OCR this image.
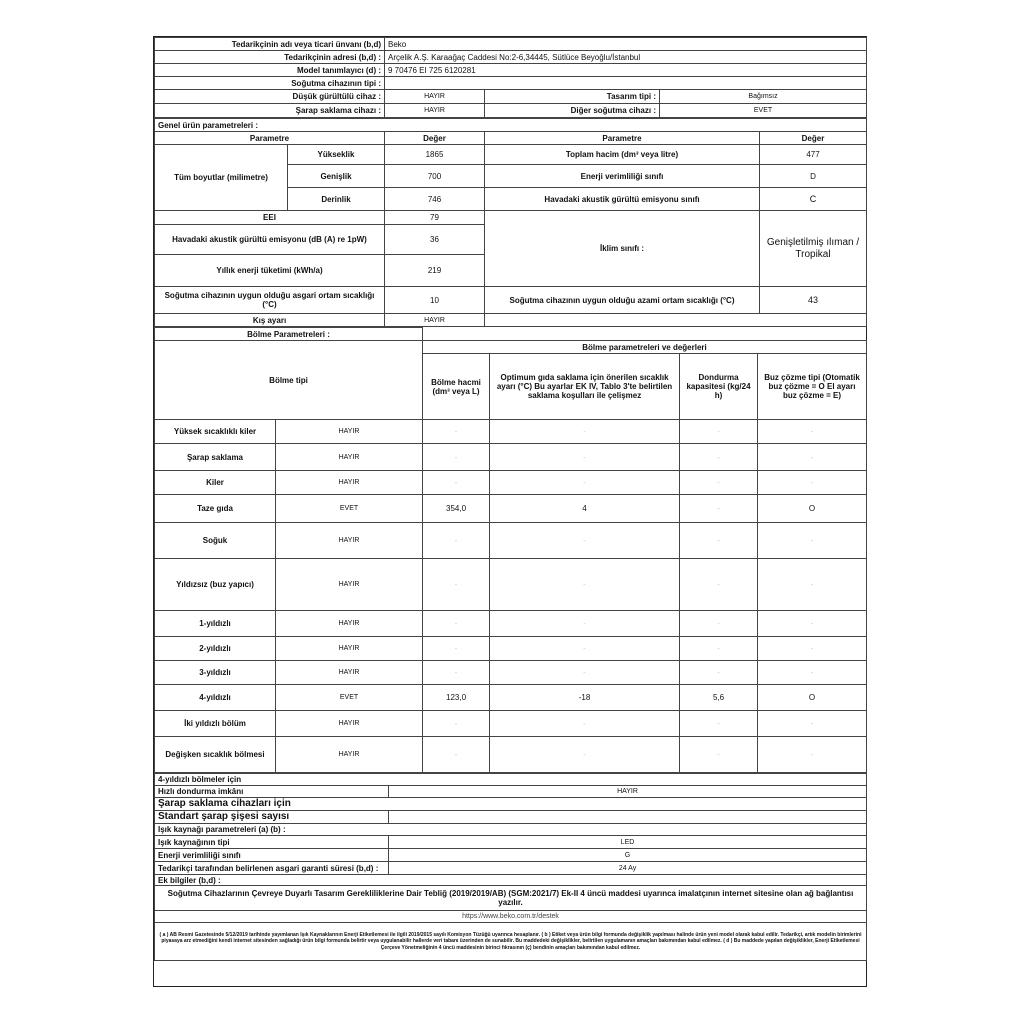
Tedarikçinin adı veya ticari ünvanı (b,d)	Beko		
Tedarikçinin adresi (b,d) :	Arçelik A.Ş. Karaağaç Caddesi No:2-6,34445, Sütlüce Beyoğlu/İstanbul		
Model tanımlayıcı (d) :	9 70476 EI 725 6120281		
Soğutma cihazının tipi :			
Düşük gürültülü cihaz :	HAYIR	Tasarım tipi :	Bağımsız
Şarap saklama cihazı :	HAYIR	Diğer soğutma cihazı :	EVET
Genel ürün parametreleri :				
Parametre		Değer	Parametre	Değer
Tüm boyutlar (milimetre)	Yükseklik	1865	Toplam hacim (dm³ veya litre)	477
	Genişlik	700	Enerji verimliliği sınıfı	D
	Derinlik	746	Havadaki akustik gürültü emisyonu sınıfı	C
EEI		79	İklim sınıfı :	Genişletilmiş ılıman / Tropikal
Havadaki akustik gürültü emisyonu (dB (A) re 1pW)		36		
Yıllık enerji tüketimi (kWh/a)		219		
Soğutma cihazının uygun olduğu asgari ortam sıcaklığı (°C)		10	Soğutma cihazının uygun olduğu azami ortam sıcaklığı (°C)	43
Kış ayarı		HAYIR		
Bölme Parametreleri :					
Bölme tipi		Bölme parametreleri ve değerleri			
		Bölme hacmi (dm³ veya L)	Optimum gıda saklama için önerilen sıcaklık ayarı (°C) Bu ayarlar EK IV, Tablo 3'te belirtilen saklama koşulları ile çelişmez	Dondurma kapasitesi (kg/24 h)	Buz çözme tipi (Otomatik buz çözme = O El ayarı buz çözme = E)
Yüksek sıcaklıklı kiler	HAYIR	-	-	-	-
Şarap saklama	HAYIR	-	-	-	-
Kiler	HAYIR	-	-	-	-
Taze gıda	EVET	354,0	4	-	O
Soğuk	HAYIR	-	-	-	-
Yıldızsız (buz yapıcı)	HAYIR	-	-	-	-
1-yıldızlı	HAYIR	-	-	-	-
2-yıldızlı	HAYIR	-	-	-	-
3-yıldızlı	HAYIR	-	-	-	-
4-yıldızlı	EVET	123,0	-18	5,6	O
İki yıldızlı bölüm	HAYIR	-	-	-	-
Değişken sıcaklık bölmesi	HAYIR	-	-	-	-
4-yıldızlı bölmeler için	
Hızlı dondurma imkânı	HAYIR
Şarap saklama cihazları için	
Standart şarap şişesi sayısı	
Işık kaynağı parametreleri (a) (b) :	
Işık kaynağının tipi	LED
Enerji verimliliği sınıfı	G
Tedarikçi tarafından belirlenen asgari garanti süresi (b,d) :	24 Ay
Ek bilgiler (b,d) :	
Soğutma Cihazlarının Çevreye Duyarlı Tasarım Gerekliliklerine Dair Tebliğ (2019/2019/AB) (SGM:2021/7) Ek-II 4 üncü maddesi uyarınca imalatçının internet sitesine olan ağ bağlantısı yazılır.	
https://www.beko.com.tr/destek	
( a ) AB Resmi Gazetesinde 5/12/2019 tarihinde yayımlanan Işık Kaynaklarının Enerji Etiketlemesi ile ilgili 2019/2015 sayılı Komisyon Tüzüğü uyarınca hesaplanır. ( b ) Etiket veya ürün bilgi formunda değişiklik yapılması halinde ürün yeni model olarak kabul edilir. Tedarikçi, artık modelin birimlerini piyasaya arz etmediğini kendi internet sitesinden sağladığı ürün bilgi formunda belirtir veya uygulanabilir hallerde veri tabanı üzerinden de sunabilir. Bu maddedeki değişiklikler, belirtilen uygulamanın amaçları bakımından kabul edilmez. ( d ) Bu maddede yapılan değişiklikler, Enerji Etiketlemesi Çerçeve Yönetmeliğinin 4 üncü maddesinin birinci fıkrasının (ç) bendinin amaçları bakımından kabul edilmez.	
